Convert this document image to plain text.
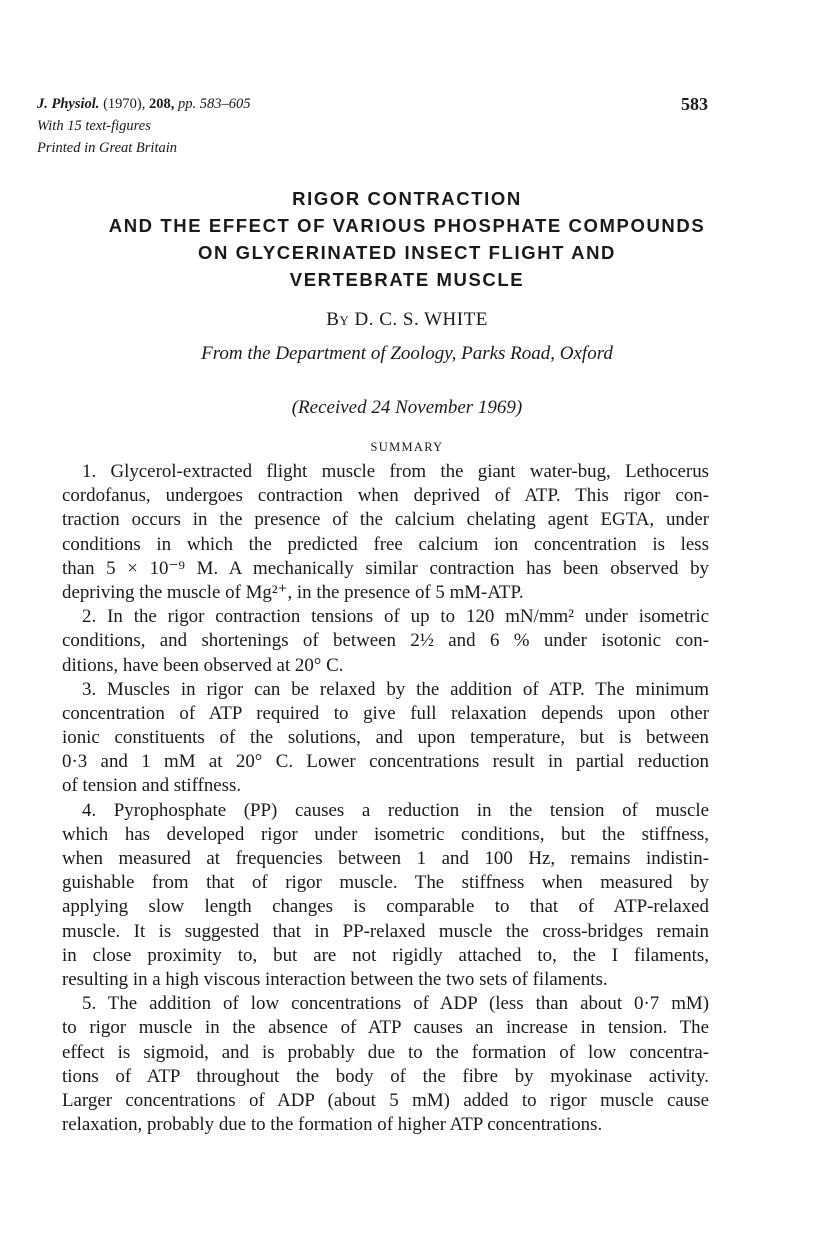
J. Physiol. (1970), 208, pp. 583–605
With 15 text-figures
Printed in Great Britain
583
RIGOR CONTRACTION
AND THE EFFECT OF VARIOUS PHOSPHATE COMPOUNDS
ON GLYCERINATED INSECT FLIGHT AND
VERTEBRATE MUSCLE
By D. C. S. WHITE
From the Department of Zoology, Parks Road, Oxford
(Received 24 November 1969)
SUMMARY
1. Glycerol-extracted flight muscle from the giant water-bug, Lethocerus
cordofanus, undergoes contraction when deprived of ATP. This rigor con-
traction occurs in the presence of the calcium chelating agent EGTA, under
conditions in which the predicted free calcium ion concentration is less
than 5 × 10⁻⁹ M. A mechanically similar contraction has been observed by
depriving the muscle of Mg²⁺, in the presence of 5 mM-ATP.
2. In the rigor contraction tensions of up to 120 mN/mm² under isometric
conditions, and shortenings of between 2½ and 6 % under isotonic con-
ditions, have been observed at 20° C.
3. Muscles in rigor can be relaxed by the addition of ATP. The minimum
concentration of ATP required to give full relaxation depends upon other
ionic constituents of the solutions, and upon temperature, but is between
0·3 and 1 mM at 20° C. Lower concentrations result in partial reduction
of tension and stiffness.
4. Pyrophosphate (PP) causes a reduction in the tension of muscle
which has developed rigor under isometric conditions, but the stiffness,
when measured at frequencies between 1 and 100 Hz, remains indistin-
guishable from that of rigor muscle. The stiffness when measured by
applying slow length changes is comparable to that of ATP-relaxed
muscle. It is suggested that in PP-relaxed muscle the cross-bridges remain
in close proximity to, but are not rigidly attached to, the I filaments,
resulting in a high viscous interaction between the two sets of filaments.
5. The addition of low concentrations of ADP (less than about 0·7 mM)
to rigor muscle in the absence of ATP causes an increase in tension. The
effect is sigmoid, and is probably due to the formation of low concentra-
tions of ATP throughout the body of the fibre by myokinase activity.
Larger concentrations of ADP (about 5 mM) added to rigor muscle cause
relaxation, probably due to the formation of higher ATP concentrations.
